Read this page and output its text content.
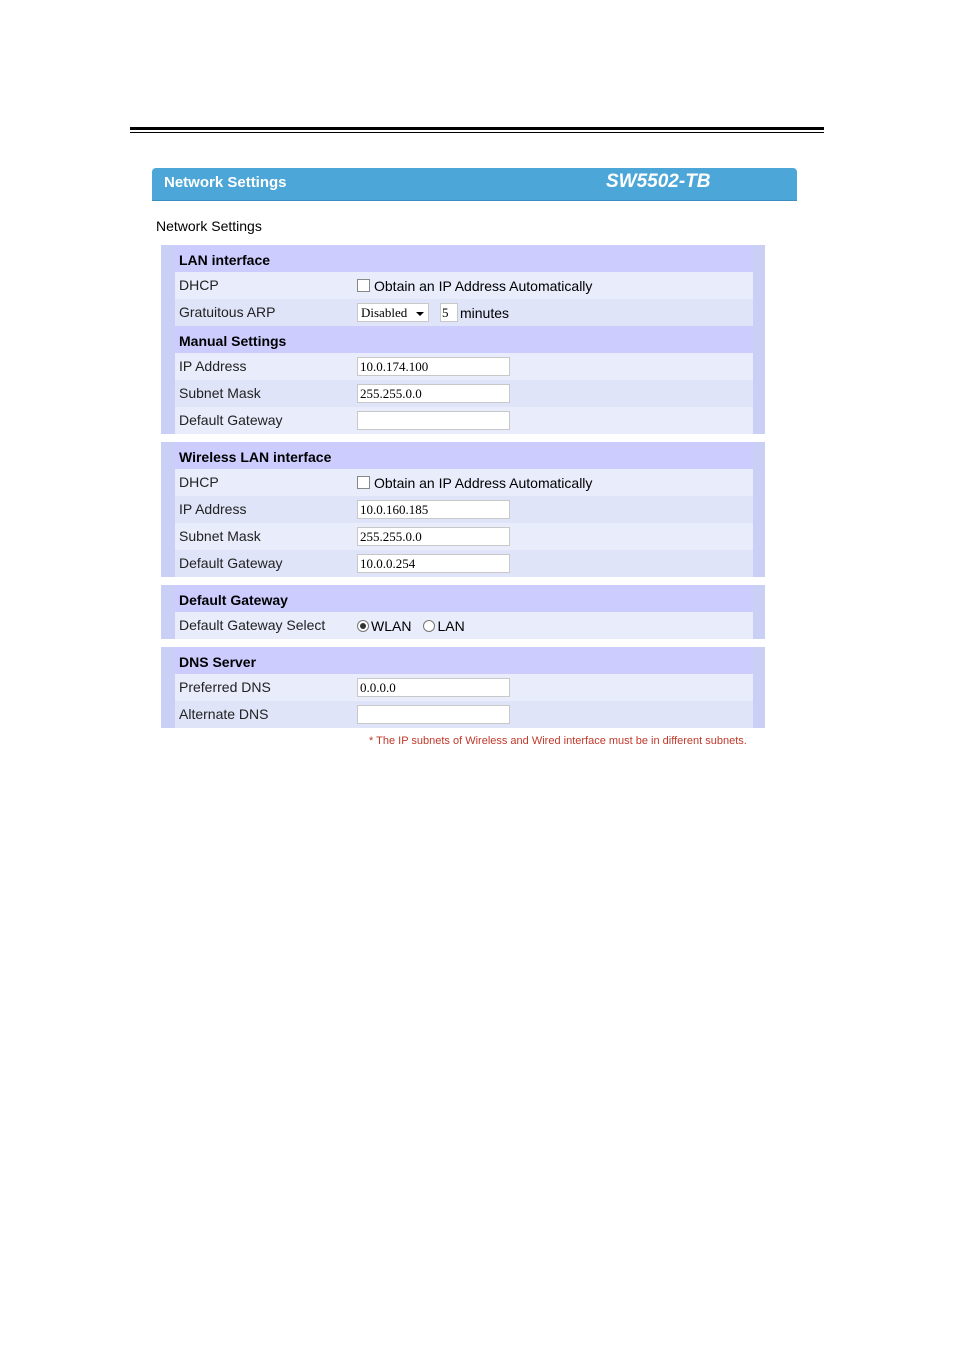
Network Settings	SW5502-TB
Network Settings
LAN interface
DHCP	Obtain an IP Address Automatically
Gratuitous ARP	Disabled	5 minutes
Manual Settings
IP Address	10.0.174.100
Subnet Mask	255.255.0.0
Default Gateway
Wireless LAN interface
DHCP	Obtain an IP Address Automatically
IP Address	10.0.160.185
Subnet Mask	255.255.0.0
Default Gateway	10.0.0.254
Default Gateway
Default Gateway Select	WLAN LAN
DNS Server
Preferred DNS	0.0.0.0
Alternate DNS
* The IP subnets of Wireless and Wired interface must be in different subnets.
